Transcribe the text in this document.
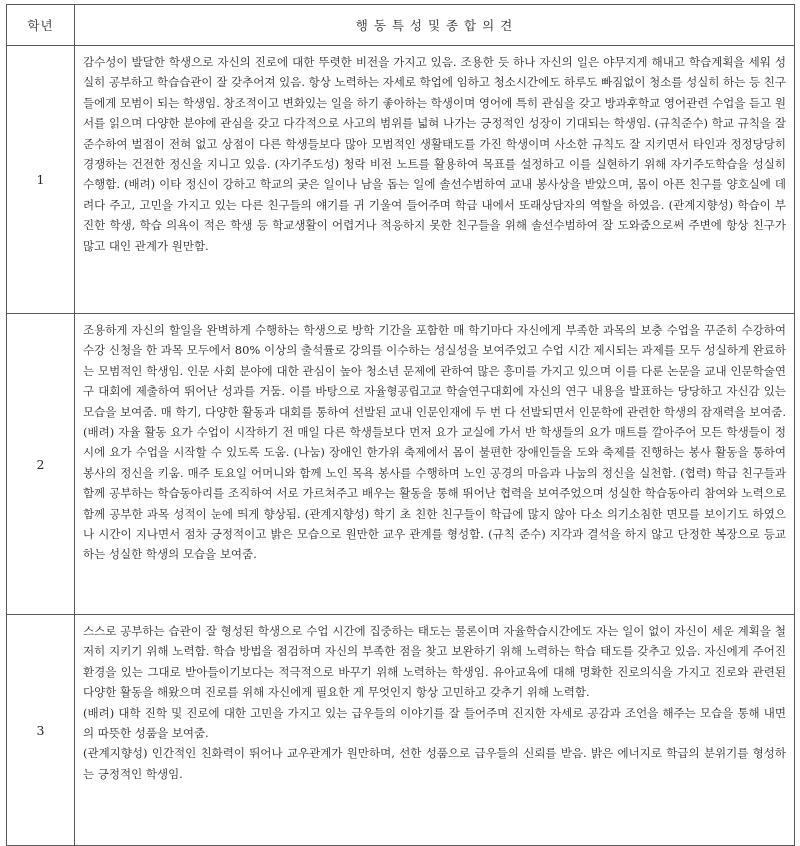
학년	행 동 특 성 및 종 합 의 견
1	감수성이 발달한 학생으로 자신의 진로에 대한 뚜렷한 비전을 가지고 있음. 조용한 듯 하나 자신의 일은 야무지게 해내고 학습계획을 세워 성실히 공부하고 학습습관이 잘 갖추어져 있음. 항상 노력하는 자세로 학업에 임하고 청소시간에도 하루도 빠짐없이 청소를 성실히 하는 등 친구들에게 모범이 되는 학생임. 창조적이고 변화있는 일을 하기 좋아하는 학생이며 영어에 특히 관심을 갖고 방과후학교 영어관련 수업을 듣고 원서를 읽으며 다양한 분야에 관심을 갖고 다각적으로 사고의 범위를 넓혀 나가는 긍정적인 성장이 기대되는 학생임. (규칙준수) 학교 규칙을 잘 준수하여 벌점이 전혀 없고 상점이 다른 학생들보다 많아 모범적인 생활태도를 가진 학생이며 사소한 규칙도 잘 지키면서 타인과 정정당당히 경쟁하는 건전한 정신을 지니고 있음. (자기주도성) 청락 비전 노트를 활용하여 목표를 설정하고 이를 실현하기 위해 자기주도학습을 성실히 수행함. (배려) 이타 정신이 강하고 학교의 궂은 일이나 남을 돕는 일에 솔선수범하여 교내 봉사상을 받았으며, 몸이 아픈 친구를 양호실에 데려다 주고, 고민을 가지고 있는 다른 친구들의 얘기를 귀 기울여 들어주며 학급 내에서 또래상담자의 역할을 하였음. (관계지향성) 학습이 부진한 학생, 학습 의욕이 적은 학생 등 학교생활이 어렵거나 적응하지 못한 친구들을 위해 솔선수범하여 잘 도와줌으로써 주변에 항상 친구가 많고 대인 관계가 원만함.

2	조용하게 자신의 할일을 완벽하게 수행하는 학생으로 방학 기간을 포함한 매 학기마다 자신에게 부족한 과목의 보충 수업을 꾸준히 수강하여 수강 신청을 한 과목 모두에서 80% 이상의 출석률로 강의를 이수하는 성실성을 보여주었고 수업 시간 제시되는 과제를 모두 성실하게 완료하는 모범적인 학생임. 인문 사회 분야에 대한 관심이 높아 청소년 문제에 관하여 많은 흥미를 가지고 있으며 이를 다룬 논문을 교내 인문학술연구 대회에 제출하여 뛰어난 성과를 거둠. 이를 바탕으로 자율형공립고교 학술연구대회에 자신의 연구 내용을 발표하는 당당하고 자신감 있는 모습을 보여줌. 매 학기, 다양한 활동과 대회를 통하여 선발된 교내 인문인재에 두 번 다 선발되면서 인문학에 관련한 학생의 잠재력을 보여줌. (배려) 자율 활동 요가 수업이 시작하기 전 매일 다른 학생들보다 먼저 요가 교실에 가서 반 학생들의 요가 매트를 깔아주어 모든 학생들이 정시에 요가 수업을 시작할 수 있도록 도움. (나눔) 장애인 한가위 축제에서 몸이 불편한 장애인들을 도와 축제를 진행하는 봉사 활동을 통하여 봉사의 정신을 키움. 매주 토요일 어머니와 함께 노인 목욕 봉사를 수행하며 노인 공경의 마음과 나눔의 정신을 실천함. (협력) 학급 친구들과 함께 공부하는 학습동아리를 조직하여 서로 가르쳐주고 배우는 활동을 통해 뛰어난 협력을 보여주었으며 성실한 학습동아리 참여와 노력으로 함께 공부한 과목 성적이 눈에 띄게 향상됨. (관계지향성) 학기 초 친한 친구들이 학급에 많지 않아 다소 의기소침한 면모를 보이기도 하였으나 시간이 지나면서 점차 긍정적이고 밝은 모습으로 원만한 교우 관계를 형성함. (규칙 준수) 지각과 결석을 하지 않고 단정한 복장으로 등교하는 성실한 학생의 모습을 보여줌.

3	스스로 공부하는 습관이 잘 형성된 학생으로 수업 시간에 집중하는 태도는 물론이며 자율학습시간에도 자는 일이 없이 자신이 세운 계획을 철저히 지키기 위해 노력함. 학습 방법을 점검하며 자신의 부족한 점을 찾고 보완하기 위해 노력하는 학습 태도를 갖추고 있음. 자신에게 주어진 환경을 있는 그대로 받아들이기보다는 적극적으로 바꾸기 위해 노력하는 학생임. 유아교육에 대해 명확한 진로의식을 가지고 진로와 관련된 다양한 활동을 해왔으며 진로를 위해 자신에게 필요한 게 무엇인지 항상 고민하고 갖추기 위해 노력함.

(배려) 대학 진학 및 진로에 대한 고민을 가지고 있는 급우들의 이야기를 잘 들어주며 진지한 자세로 공감과 조언을 해주는 모습을 통해 내면의 따뜻한 성품을 보여줌.

(관계지향성) 인간적인 친화력이 뛰어나 교우관계가 원만하며, 선한 성품으로 급우들의 신뢰를 받음. 밝은 에너지로 학급의 분위기를 형성하는 긍정적인 학생임.
